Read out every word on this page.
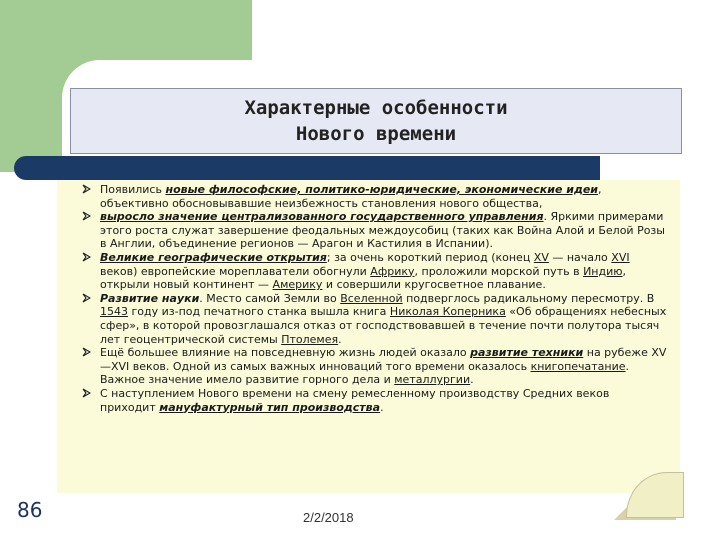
Характерные особенности
Нового времени
86	2/2/2018
Появились новые философские, политико-юридические, экономические идеи, объективно обосновывавшие неизбежность становления нового общества,
выросло значение централизованного государственного управления. Яркими примерами этого роста служат завершение феодальных междоусобиц (таких как Война Алой и Белой Розы в Англии, объединение регионов — Арагон и Кастилия в Испании).
Великие географические открытия; за очень короткий период (конец XV — начало XVI веков) европейские мореплаватели обогнули Африку, проложили морской путь в Индию, открыли новый континент — Америку и совершили кругосветное плавание.
Развитие науки. Место самой Земли во Вселенной подверглось радикальному пересмотру. В 1543 году из-под печатного станка вышла книга Николая Коперника «Об обращениях небесных сфер», в которой провозглашался отказ от господствовавшей в течение почти полутора тысяч лет геоцентрической системы Птолемея.
Ещё большее влияние на повседневную жизнь людей оказало развитие техники на рубеже XV—XVI веков. Одной из самых важных инноваций того времени оказалось книгопечатание. Важное значение имело развитие горного дела и металлургии.
С наступлением Нового времени на смену ремесленному производству Средних веков приходит мануфактурный тип производства.
